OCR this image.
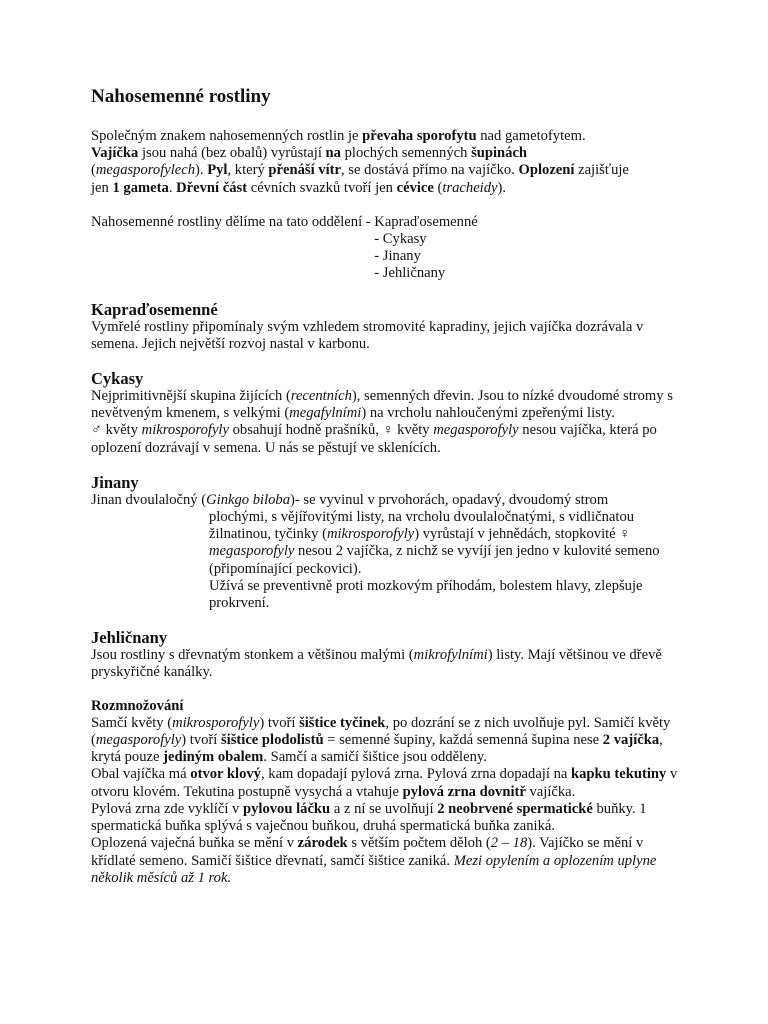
Nahosemenné rostliny

Společným znakem nahosemenných rostlin je převaha sporofytu nad gametofytem.
Vajíčka jsou nahá (bez obalů) vyrůstají na plochých semenných šupinách
(megasporofylech). Pyl, který přenáší vítr, se dostává přímo na vajíčko. Oplození zajišťuje
jen 1 gameta. Dřevní část cévních svazků tvoří jen cévice (tracheidy).

Nahosemenné rostliny dělíme na tato oddělení - Kapraďosemenné
- Cykasy
- Jinany
- Jehličnany
Kapraďosemenné

Vymřelé rostliny připomínaly svým vzhledem stromovité kapradiny, jejich vajíčka dozrávala v semena. Jejich největší rozvoj nastal v karbonu.

Cykasy

Nejprimitivnější skupina žijících (recentních), semenných dřevin. Jsou to nízké dvoudomé stromy s nevětveným kmenem, s velkými (megafylními) na vrcholu nahloučenými zpeřenými listy.
♂ květy mikrosporofyly obsahují hodně prašníků, ♀ květy megasporofyly nesou vajíčka, která po oplození dozrávají v semena. U nás se pěstují ve sklenících.

Jinany

Jinan dvoulaločný (Ginkgo biloba)- se vyvinul v prvohorách, opadavý, dvoudomý strom

plochými, s vějířovitými listy, na vrcholu dvoulaločnatými, s vidličnatou žilnatinou, tyčinky (mikrosporofyly) vyrůstají v jehnědách, stopkovité ♀ megasporofyly nesou 2 vajíčka, z nichž se vyvíjí jen jedno v kulovité semeno (připomínající peckovici).
Užívá se preventivně proti mozkovým příhodám, bolestem hlavy, zlepšuje prokrvení.

Jehličnany

Jsou rostliny s dřevnatým stonkem a většinou malými (mikrofylními) listy. Mají většinou ve dřevě pryskyřičné kanálky.

Rozmnožování

Samčí květy (mikrosporofyly) tvoří šištice tyčinek, po dozrání se z nich uvolňuje pyl. Samičí květy (megasporofyly) tvoří šištice plodolistů = semenné šupiny, každá semenná šupina nese 2 vajíčka, krytá pouze jediným obalem. Samčí a samičí šištice jsou odděleny.
Obal vajíčka má otvor klový, kam dopadají pylová zrna. Pylová zrna dopadají na kapku tekutiny v otvoru klovém. Tekutina postupně vysychá a vtahuje pylová zrna dovnitř vajíčka.
Pylová zrna zde vyklíčí v pylovou láčku a z ní se uvolňují 2 neobrvené spermatické buňky. 1 spermatická buňka splývá s vaječnou buňkou, druhá spermatická buňka zaniká.
Oplozená vaječná buňka se mění v zárodek s větším počtem děloh (2 – 18). Vajíčko se mění v křídlaté semeno. Samičí šištice dřevnatí, samčí šištice zaniká. Mezi opylením a oplozením uplyne několik měsíců až 1 rok.
